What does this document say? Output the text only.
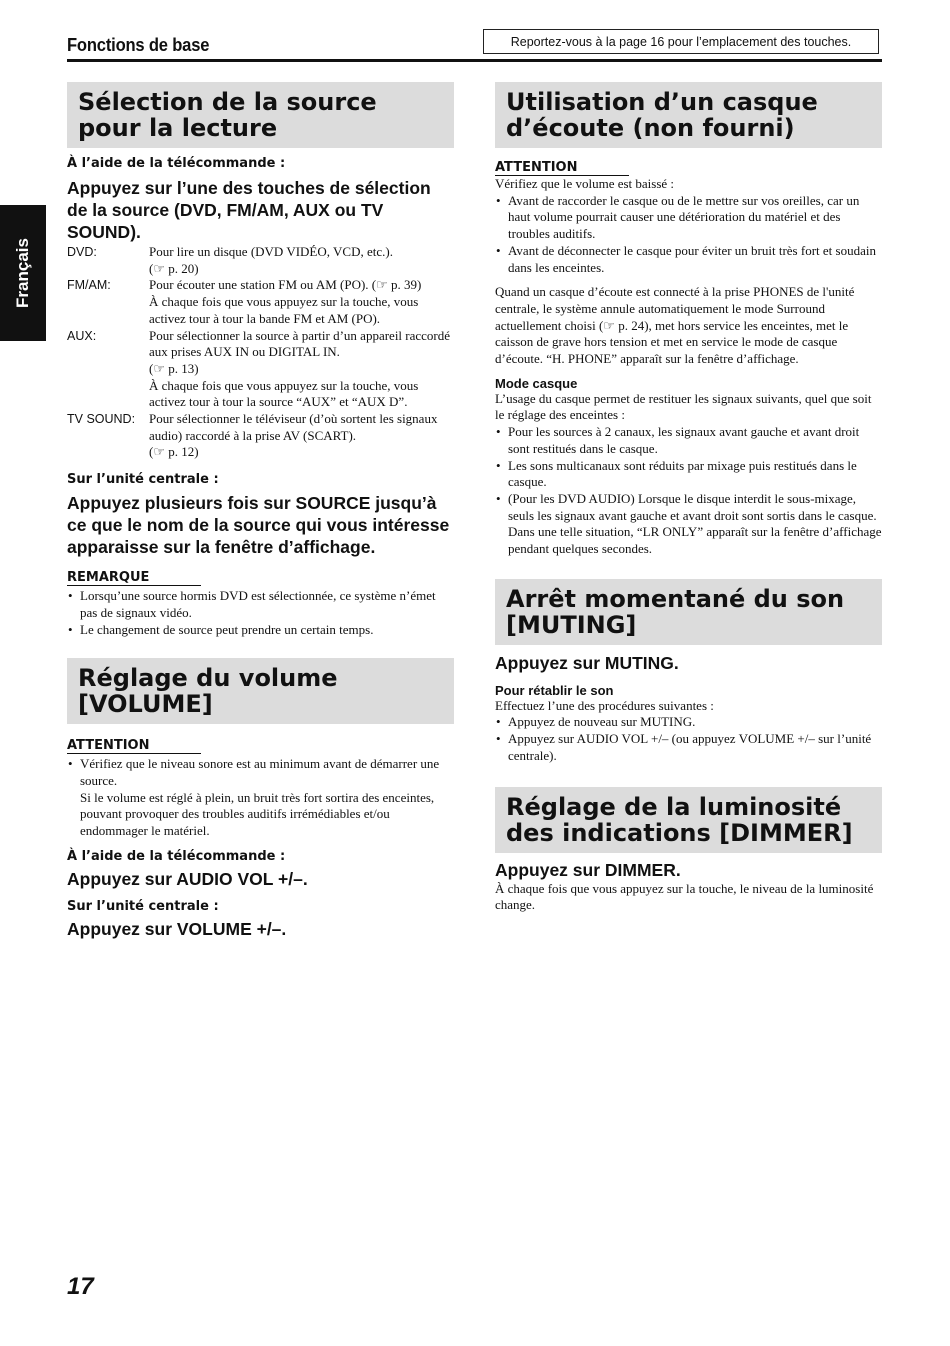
Fonctions de base	Reportez-vous à la page 16 pour l’emplacement des touches.
Français
Sélection de la source pour la lecture
À l’aide de la télécommande :
Appuyez sur l’une des touches de sélection de la source (DVD, FM/AM, AUX ou TV SOUND).
DVD:	Pour lire un disque (DVD VIDÉO, VCD, etc.).
(☞ p. 20)
FM/AM:	Pour écouter une station FM ou AM (PO). (☞ p. 39)
À chaque fois que vous appuyez sur la touche, vous activez tour à tour la bande FM et AM (PO).
AUX:	Pour sélectionner la source à partir d’un appareil raccordé aux prises AUX IN ou DIGITAL IN.
(☞ p. 13)
À chaque fois que vous appuyez sur la touche, vous activez tour à tour la source “AUX” et “AUX D”.
TV SOUND:	Pour sélectionner le téléviseur (d’où sortent les signaux audio) raccordé à la prise AV (SCART).
(☞ p. 12)
Sur l’unité centrale :
Appuyez plusieurs fois sur SOURCE jusqu’à ce que le nom de la source qui vous intéresse apparaisse sur la fenêtre d’affichage.
REMARQUE
• Lorsqu’une source hormis DVD est sélectionnée, ce système n’émet pas de signaux vidéo.
• Le changement de source peut prendre un certain temps.
Réglage du volume [VOLUME]
ATTENTION
• Vérifiez que le niveau sonore est au minimum avant de démarrer une source.
Si le volume est réglé à plein, un bruit très fort sortira des enceintes, pouvant provoquer des troubles auditifs irrémédiables et/ou endommager le matériel.
À l’aide de la télécommande :
Appuyez sur AUDIO VOL +/–.
Sur l’unité centrale :
Appuyez sur VOLUME +/–.
Utilisation d’un casque d’écoute (non fourni)
ATTENTION
Vérifiez que le volume est baissé :
• Avant de raccorder le casque ou de le mettre sur vos oreilles, car un haut volume pourrait causer une détérioration du matériel et des troubles auditifs.
• Avant de déconnecter le casque pour éviter un bruit très fort et soudain dans les enceintes.
Quand un casque d’écoute est connecté à la prise PHONES de l'unité centrale, le système annule automatiquement le mode Surround actuellement choisi (☞ p. 24), met hors service les enceintes, met le caisson de grave hors tension et met en service le mode de casque d’écoute. “H. PHONE” apparaît sur la fenêtre d’affichage.
Mode casque
L’usage du casque permet de restituer les signaux suivants, quel que soit le réglage des enceintes :
• Pour les sources à 2 canaux, les signaux avant gauche et avant droit sont restitués dans le casque.
• Les sons multicanaux sont réduits par mixage puis restitués dans le casque.
• (Pour les DVD AUDIO) Lorsque le disque interdit le sous-mixage, seuls les signaux avant gauche et avant droit sont sortis dans le casque. Dans une telle situation, “LR ONLY” apparaît sur la fenêtre d’affichage pendant quelques secondes.
Arrêt momentané du son [MUTING]
Appuyez sur MUTING.
Pour rétablir le son
Effectuez l’une des procédures suivantes :
• Appuyez de nouveau sur MUTING.
• Appuyez sur AUDIO VOL +/– (ou appuyez VOLUME +/– sur l’unité centrale).
Réglage de la luminosité des indications [DIMMER]
Appuyez sur DIMMER.
À chaque fois que vous appuyez sur la touche, le niveau de la luminosité change.
17
